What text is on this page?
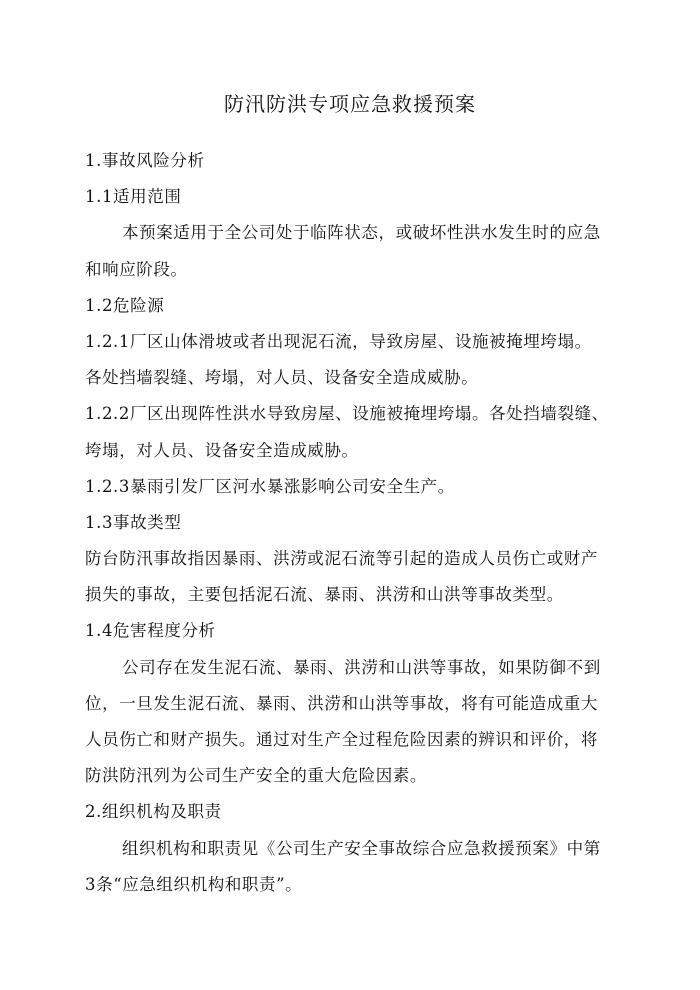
防汛防洪专项应急救援预案

1.事故风险分析

1.1适用范围

本预案适用于全公司处于临阵状态，或破坏性洪水发生时的应急

和响应阶段。

1.2危险源

1.2.1厂区山体滑坡或者出现泥石流，导致房屋、设施被掩埋垮塌。

各处挡墙裂缝、垮塌，对人员、设备安全造成威胁。

1.2.2厂区出现阵性洪水导致房屋、设施被掩埋垮塌。各处挡墙裂缝、

垮塌，对人员、设备安全造成威胁。

1.2.3暴雨引发厂区河水暴涨影响公司安全生产。

1.3事故类型

防台防汛事故指因暴雨、洪涝或泥石流等引起的造成人员伤亡或财产

损失的事故，主要包括泥石流、暴雨、洪涝和山洪等事故类型。

1.4危害程度分析

公司存在发生泥石流、暴雨、洪涝和山洪等事故，如果防御不到

位，一旦发生泥石流、暴雨、洪涝和山洪等事故，将有可能造成重大

人员伤亡和财产损失。通过对生产全过程危险因素的辨识和评价，将

防洪防汛列为公司生产安全的重大危险因素。

2.组织机构及职责

组织机构和职责见《公司生产安全事故综合应急救援预案》中第

3条“应急组织机构和职责”。
